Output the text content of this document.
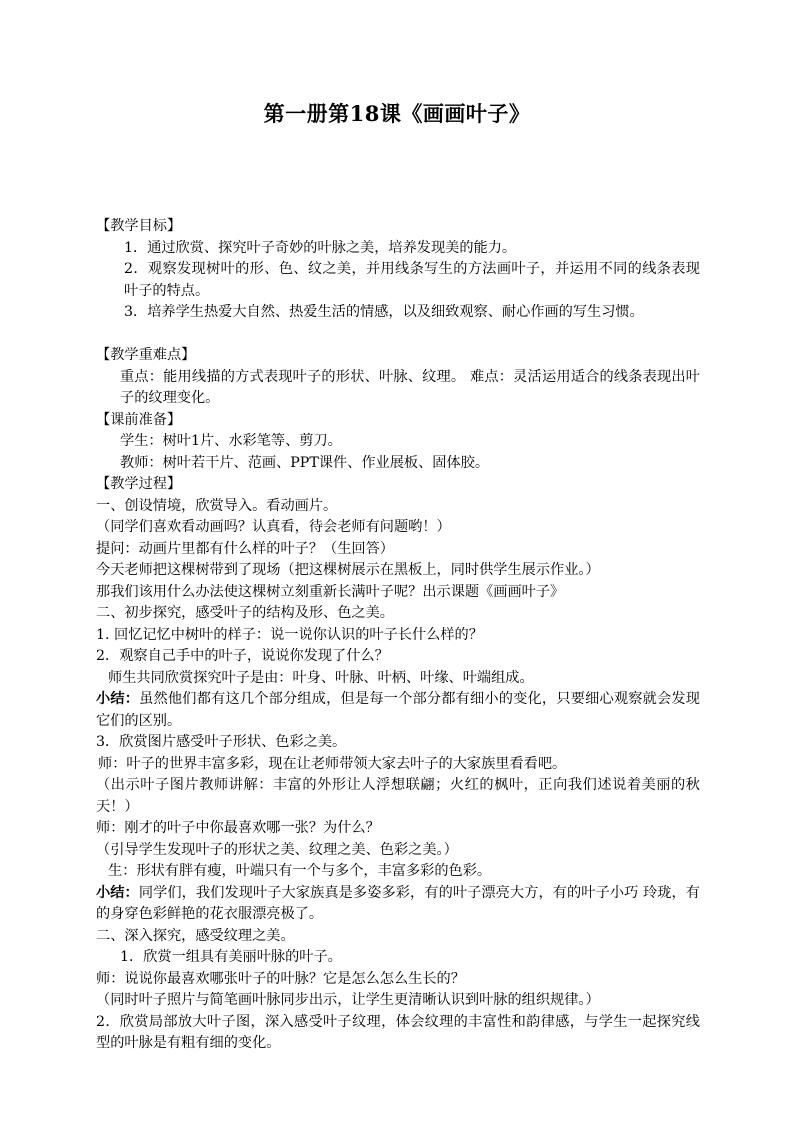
第一册第18课《画画叶子》

【教学目标】

1．通过欣赏、探究叶子奇妙的叶脉之美，培养发现美的能力。

2．观察发现树叶的形、色、纹之美，并用线条写生的方法画叶子，并运用不同的线条表现叶子的特点。

3．培养学生热爱大自然、热爱生活的情感，以及细致观察、耐心作画的写生习惯。

【教学重难点】

重点：能用线描的方式表现叶子的形状、叶脉、纹理。 难点：灵活运用适合的线条表现出叶子的纹理变化。

【课前准备】

学生：树叶1片、水彩笔等、剪刀。

教师：树叶若干片、范画、PPT课件、作业展板、固体胶。

【教学过程】

一、创设情境，欣赏导入。看动画片。

（同学们喜欢看动画吗？认真看，待会老师有问题哟！）

提问：动画片里都有什么样的叶子？（生回答）

今天老师把这棵树带到了现场（把这棵树展示在黑板上，同时供学生展示作业。）

那我们该用什么办法使这棵树立刻重新长满叶子呢？出示课题《画画叶子》

二、初步探究，感受叶子的结构及形、色之美。

1. 回忆记忆中树叶的样子：说一说你认识的叶子长什么样的？

2．观察自己手中的叶子，说说你发现了什么？

师生共同欣赏探究叶子是由：叶身、叶脉、叶柄、叶缘、叶端组成。

小结：虽然他们都有这几个部分组成，但是每一个部分都有细小的变化，只要细心观察就会发现它们的区别。

3．欣赏图片感受叶子形状、色彩之美。

师：叶子的世界丰富多彩，现在让老师带领大家去叶子的大家族里看看吧。

（出示叶子图片教师讲解：丰富的外形让人浮想联翩；火红的枫叶，正向我们述说着美丽的秋天！）

师：刚才的叶子中你最喜欢哪一张？为什么？

（引导学生发现叶子的形状之美、纹理之美、色彩之美。）

生：形状有胖有瘦，叶端只有一个与多个，丰富多彩的色彩。

小结：同学们，我们发现叶子大家族真是多姿多彩，有的叶子漂亮大方，有的叶子小巧 玲珑，有的身穿色彩鲜艳的花衣服漂亮极了。

二、深入探究，感受纹理之美。

1．欣赏一组具有美丽叶脉的叶子。

师：说说你最喜欢哪张叶子的叶脉？它是怎么怎么生长的？

（同时叶子照片与简笔画叶脉同步出示，让学生更清晰认识到叶脉的组织规律。）

2．欣赏局部放大叶子图，深入感受叶子纹理，体会纹理的丰富性和韵律感，与学生一起探究线型的叶脉是有粗有细的变化。
